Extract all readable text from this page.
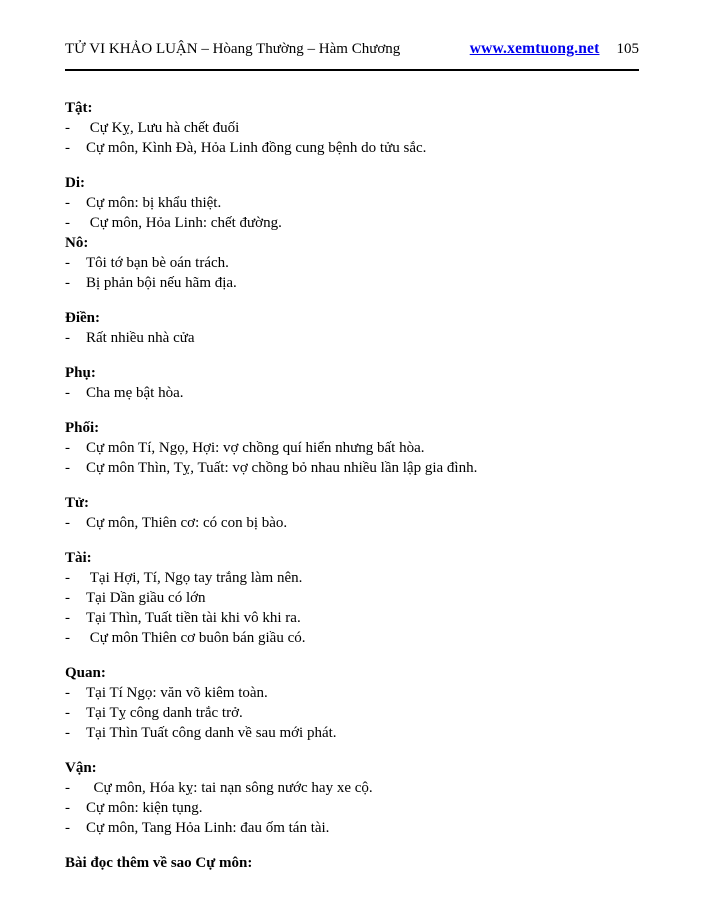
TỬ VI KHẢO LUẬN – Hòang Thường – Hàm Chương	www.xemtuong.net 105
Tật:
-	Cự Kỵ, Lưu hà chết đuối
-	Cự môn, Kình Đà, Hỏa Linh đồng cung bệnh do tửu sắc.
Di:
-	Cự môn: bị khẩu thiệt.
-	Cự môn, Hỏa Linh: chết đường.
Nô:
-	Tôi tớ bạn bè oán trách.
-	Bị phản bội nếu hãm địa.
Điền:
-	Rất nhiều nhà cửa
Phụ:
-	Cha mẹ bật hòa.
Phối:
-	Cự môn Tí, Ngọ, Hợi: vợ chồng quí hiển nhưng bất hòa.
-	Cự môn Thìn, Tỵ, Tuất: vợ chồng bỏ nhau nhiều lần lập gia đình.
Tử:
-	Cự môn, Thiên cơ: có con bị bào.
Tài:
-	Tại Hợi, Tí, Ngọ tay trắng làm nên.
-	Tại Dần giầu có lớn
-	Tại Thìn, Tuất tiền tài khi vô khi ra.
-	Cự môn Thiên cơ buôn bán giầu có.
Quan:
-	Tại Tí Ngọ: văn võ kiêm toàn.
-	Tại Tỵ công danh trắc trở.
-	Tại Thìn Tuất công danh về sau mới phát.
Vận:
-	Cự môn, Hóa kỵ: tai nạn sông nước hay xe cộ.
-	Cự môn: kiện tụng.
-	Cự môn, Tang Hỏa Linh: đau ốm tán tài.
Bài đọc thêm về sao Cự môn:
